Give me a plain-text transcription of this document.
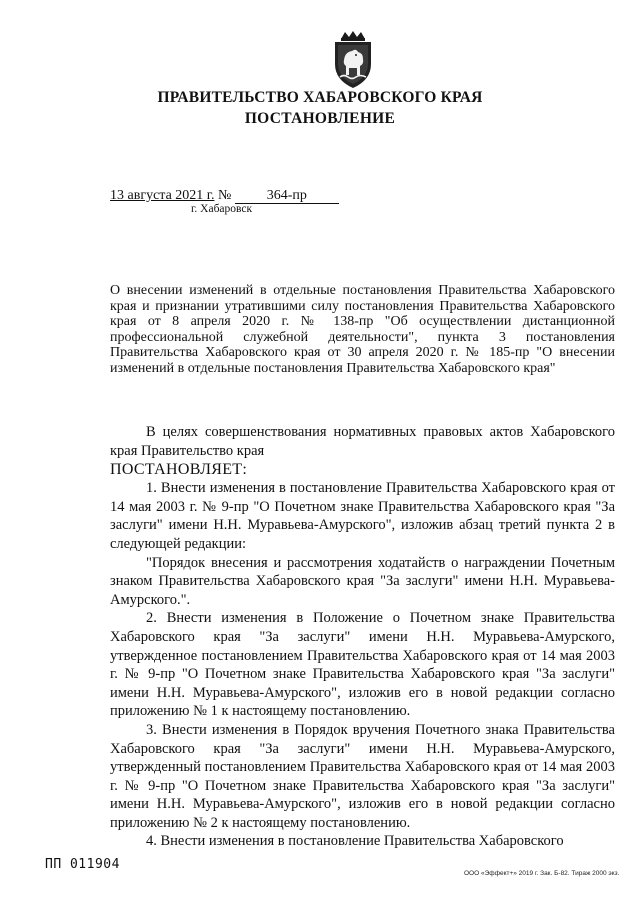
ПРАВИТЕЛЬСТВО ХАБАРОВСКОГО КРАЯ
ПОСТАНОВЛЕНИЕ
13 августа 2021 г. №	364-пр
г. Хабаровск

О внесении изменений в отдельные постановления Правительства Хабаровского края и признании утратившими силу постановления Правительства Хабаровского края от 8 апреля 2020 г. № 138-пр "Об осуществлении дистанционной профессиональной служебной деятельности", пункта 3 постановления Правительства Хабаровского края от 30 апреля 2020 г. № 185-пр "О внесении изменений в отдельные постановления Правительства Хабаровского края"

В целях совершенствования нормативных правовых актов Хабаровского края Правительство края

ПОСТАНОВЛЯЕТ:

1. Внести изменения в постановление Правительства Хабаровского края от 14 мая 2003 г. № 9-пр "О Почетном знаке Правительства Хабаровского края "За заслуги" имени Н.Н. Муравьева-Амурского", изложив абзац третий пункта 2 в следующей редакции:

"Порядок внесения и рассмотрения ходатайств о награждении Почетным знаком Правительства Хабаровского края "За заслуги" имени Н.Н. Муравьева-Амурского.".

2. Внести изменения в Положение о Почетном знаке Правительства Хабаровского края "За заслуги" имени Н.Н. Муравьева-Амурского, утвержденное постановлением Правительства Хабаровского края от 14 мая 2003 г. № 9-пр "О Почетном знаке Правительства Хабаровского края "За заслуги" имени Н.Н. Муравьева-Амурского", изложив его в новой редакции согласно приложению № 1 к настоящему постановлению.

3. Внести изменения в Порядок вручения Почетного знака Правительства Хабаровского края "За заслуги" имени Н.Н. Муравьева-Амурского, утвержденный постановлением Правительства Хабаровского края от 14 мая 2003 г. № 9-пр "О Почетном знаке Правительства Хабаровского края "За заслуги" имени Н.Н. Муравьева-Амурского", изложив его в новой редакции согласно приложению № 2 к настоящему постановлению.

4. Внести изменения в постановление Правительства Хабаровского

ПП 011904
ООО «Эффект+» 2019 г. Зак. Б-82. Тираж 2000 экз.
